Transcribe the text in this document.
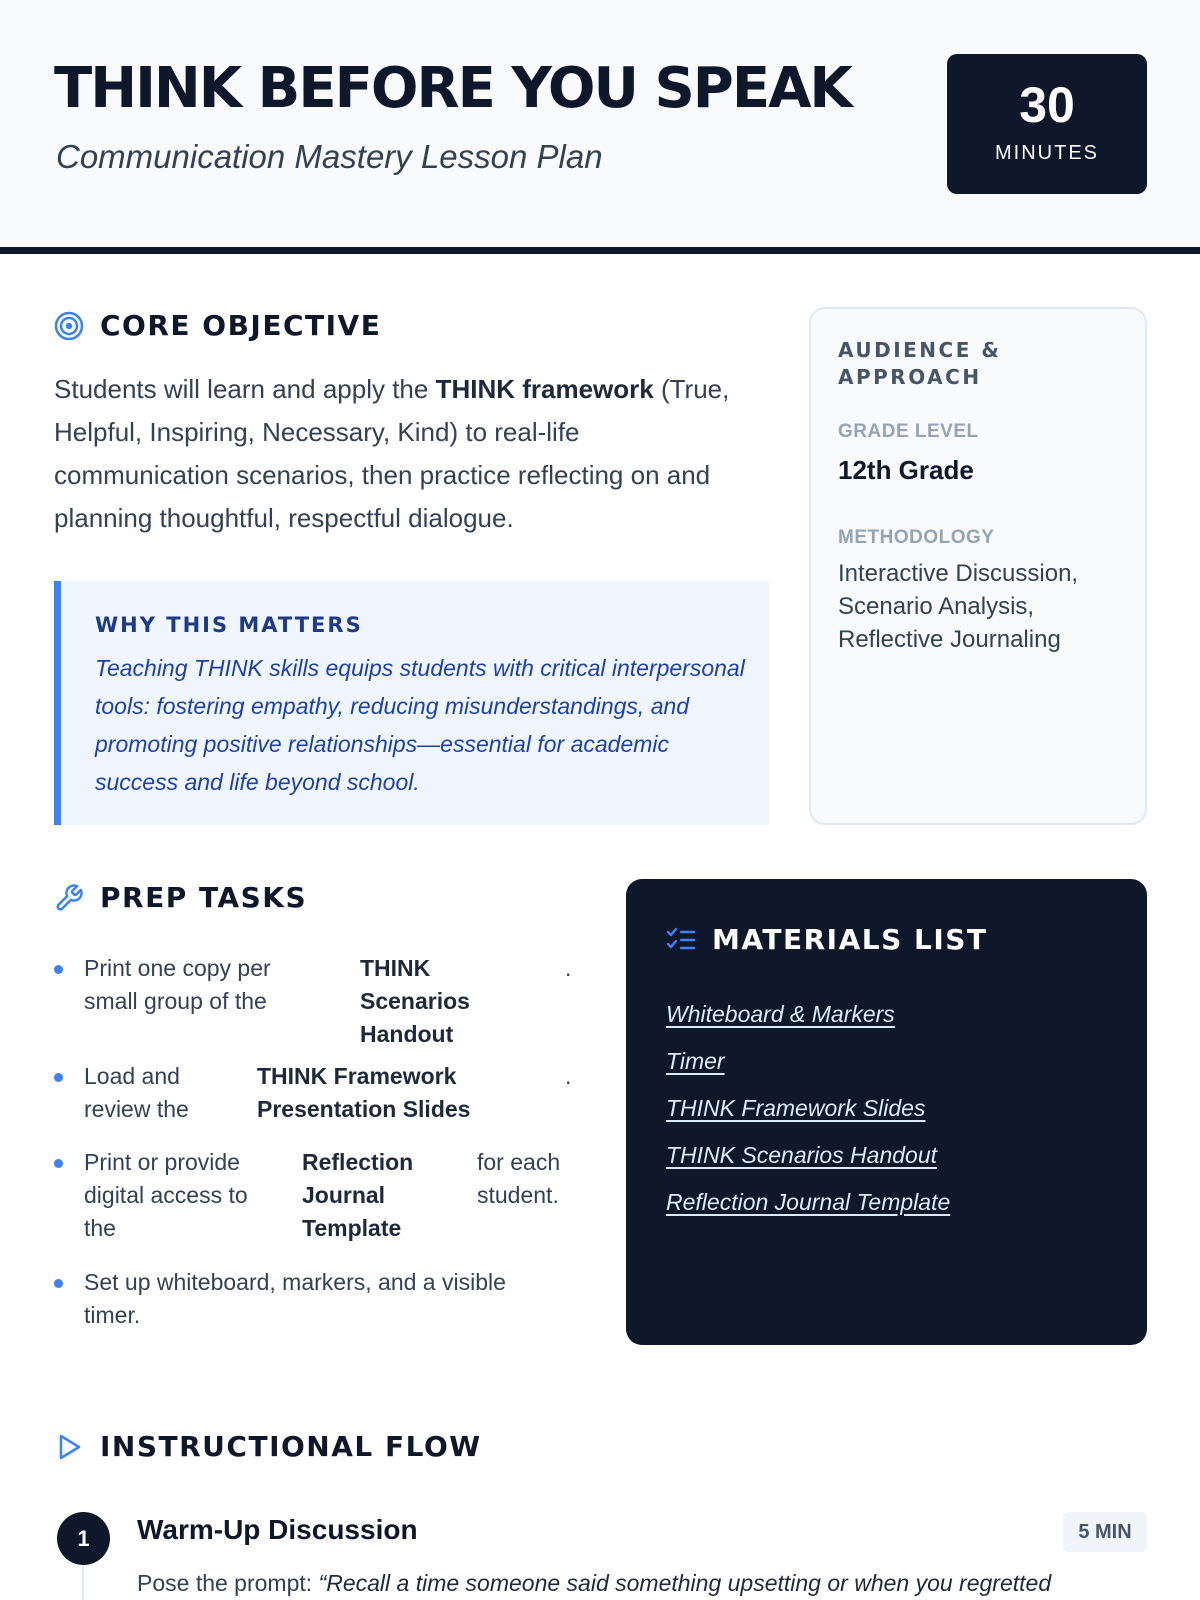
THINK BEFORE YOU SPEAK
Communication Mastery Lesson Plan
30
MINUTES
CORE OBJECTIVE

Students will learn and apply the THINK framework (True, Helpful, Inspiring, Necessary, Kind) to real-life communication scenarios, then practice reflecting on and planning thoughtful, respectful dialogue.

WHY THIS MATTERS
Teaching THINK skills equips students with critical interpersonal tools: fostering empathy, reducing misunderstandings, and promoting positive relationships—essential for academic success and life beyond school.
AUDIENCE & APPROACH
GRADE LEVEL
12th Grade
METHODOLOGY
Interactive Discussion, Scenario Analysis, Reflective Journaling
PREP TASKS
Print one copy per small group of the
THINK Scenarios Handout
.
Load and review the
THINK Framework Presentation Slides
.
Print or provide digital access to the
Reflection Journal Template
for each student.
Set up whiteboard, markers, and a visible timer.
MATERIALS LIST
Whiteboard & Markers
Timer
THINK Framework Slides
THINK Scenarios Handout
Reflection Journal Template
INSTRUCTIONAL FLOW
1	Warm-Up Discussion	5 MIN
Pose the prompt: “Recall a time someone said something upsetting or when you regretted
